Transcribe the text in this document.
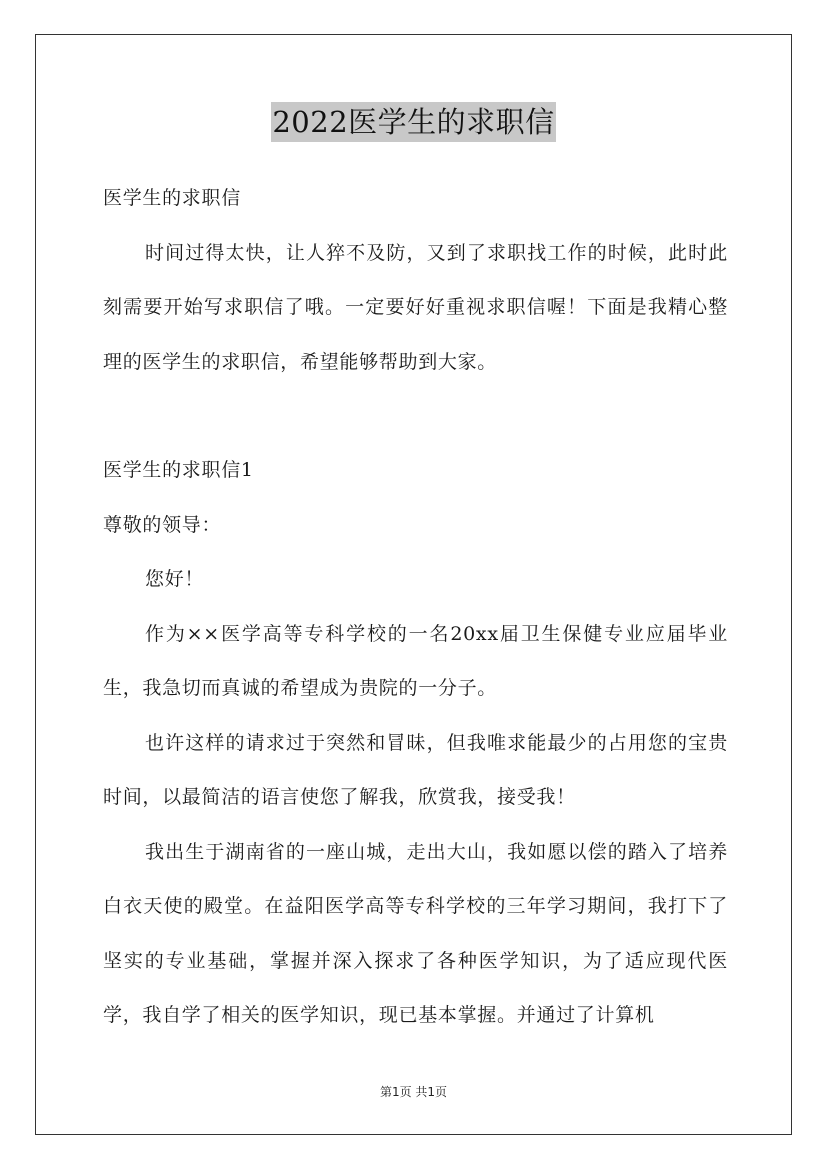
2022医学生的求职信

医学生的求职信

时间过得太快，让人猝不及防，又到了求职找工作的时候，此时此刻需要开始写求职信了哦。一定要好好重视求职信喔！下面是我精心整理的医学生的求职信，希望能够帮助到大家。

医学生的求职信1

尊敬的领导：

您好！

作为××医学高等专科学校的一名20xx届卫生保健专业应届毕业生，我急切而真诚的希望成为贵院的一分子。

也许这样的请求过于突然和冒昧，但我唯求能最少的占用您的宝贵时间，以最简洁的语言使您了解我，欣赏我，接受我！

我出生于湖南省的一座山城，走出大山，我如愿以偿的踏入了培养白衣天使的殿堂。在益阳医学高等专科学校的三年学习期间，我打下了坚实的专业基础，掌握并深入探求了各种医学知识，为了适应现代医学，我自学了相关的医学知识，现已基本掌握。并通过了计算机

第1页 共1页
